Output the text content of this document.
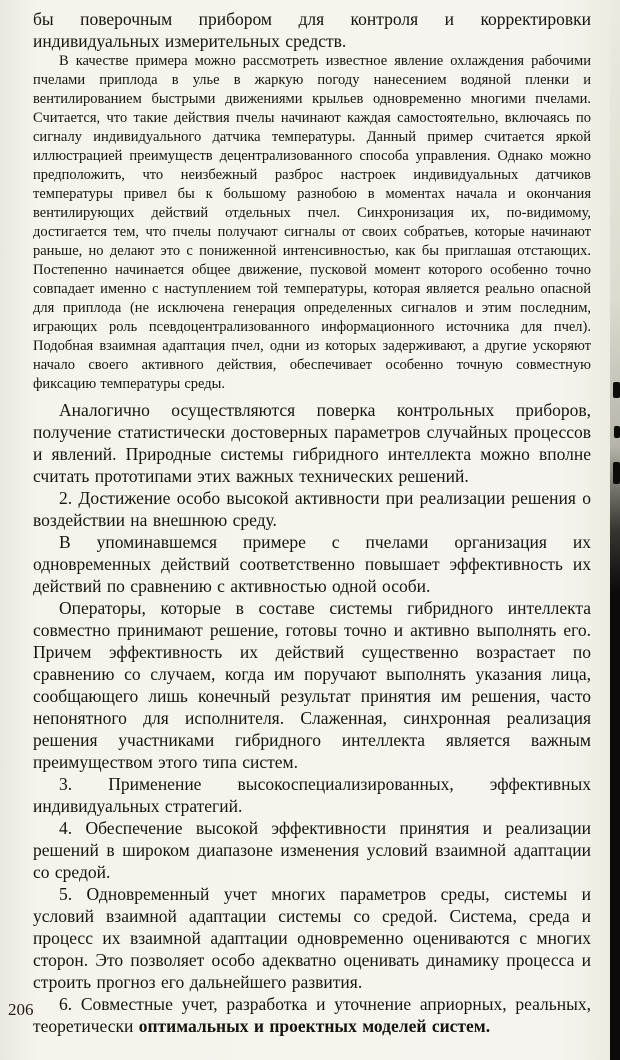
бы поверочным прибором для контроля и корректировки индивидуальных измерительных средств.

В качестве примера можно рассмотреть известное явление охлаждения рабочими пчелами приплода в улье в жаркую погоду нанесением водяной пленки и вентилированием быстрыми движениями крыльев одновременно многими пчелами. Считается, что такие действия пчелы начинают каждая самостоятельно, включаясь по сигналу индивидуального датчика температуры. Данный пример считается яркой иллюстрацией преимуществ децентрализованного способа управления. Однако можно предположить, что неизбежный разброс настроек индивидуальных датчиков температуры привел бы к большому разнобою в моментах начала и окончания вентилирующих действий отдельных пчел. Синхронизация их, по-видимому, достигается тем, что пчелы получают сигналы от своих собратьев, которые начинают раньше, но делают это с пониженной интенсивностью, как бы приглашая отстающих. Постепенно начинается общее движение, пусковой момент которого особенно точно совпадает именно с наступлением той температуры, которая является реально опасной для приплода (не исключена генерация определенных сигналов и этим последним, играющих роль псевдоцентрализованного информационного источника для пчел). Подобная взаимная адаптация пчел, одни из которых задерживают, а другие ускоряют начало своего активного действия, обеспечивает особенно точную совместную фиксацию температуры среды.

Аналогично осуществляются поверка контрольных приборов, получение статистически достоверных параметров случайных процессов и явлений. Природные системы гибридного интеллекта можно вполне считать прототипами этих важных технических решений.

2. Достижение особо высокой активности при реализации решения о воздействии на внешнюю среду.

В упоминавшемся примере с пчелами организация их одновременных действий соответственно повышает эффективность их действий по сравнению с активностью одной особи.

Операторы, которые в составе системы гибридного интеллекта совместно принимают решение, готовы точно и активно выполнять его. Причем эффективность их действий существенно возрастает по сравнению со случаем, когда им поручают выполнять указания лица, сообщающего лишь конечный результат принятия им решения, часто непонятного для исполнителя. Слаженная, синхронная реализация решения участниками гибридного интеллекта является важным преимуществом этого типа систем.

3. Применение высокоспециализированных, эффективных индивидуальных стратегий.

4. Обеспечение высокой эффективности принятия и реализации решений в широком диапазоне изменения условий взаимной адаптации со средой.

5. Одновременный учет многих параметров среды, системы и условий взаимной адаптации системы со средой. Система, среда и процесс их взаимной адаптации одновременно оцениваются с многих сторон. Это позволяет особо адекватно оценивать динамику процесса и строить прогноз его дальнейшего развития.

6. Совместные учет, разработка и уточнение априорных, реальных, теоретически оптимальных и проектных моделей систем.

206
